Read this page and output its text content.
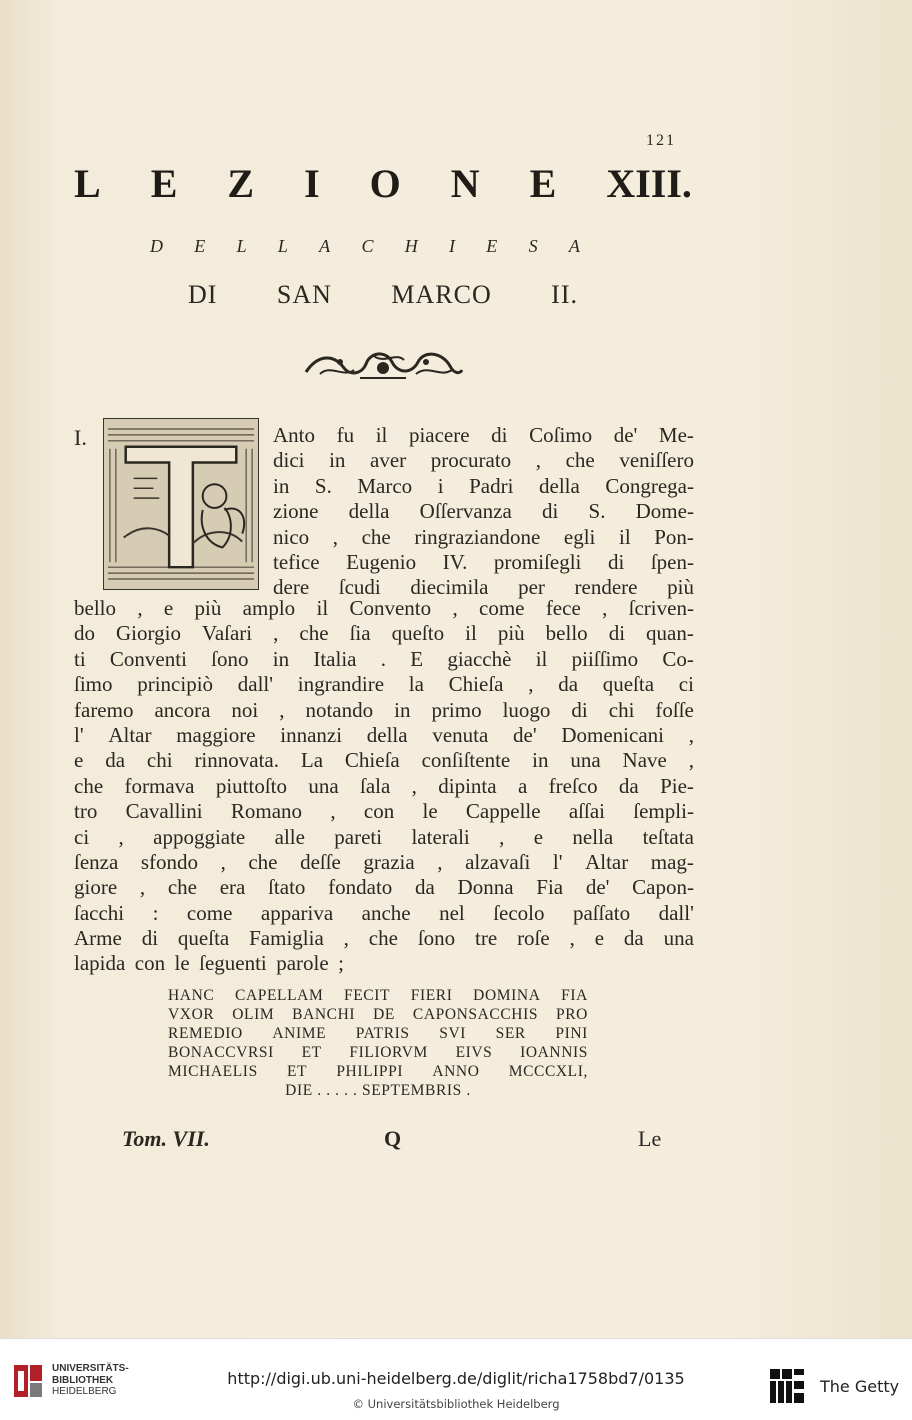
121
L E Z I O N E XIII.
D E L L A C H I E S A
DI SAN MARCO II.
I.	Anto fu il piacere di Coſimo de' Me-
dici in aver procurato , che veniſſero
in S. Marco i Padri della Congrega-
zione della Oſſervanza di S. Dome-
nico , che ringraziandone egli il Pon-
tefice Eugenio IV. promiſegli di ſpen-
dere ſcudi diecimila per rendere più
bello , e più amplo il Convento , come fece , ſcriven-
do Giorgio Vaſari , che ſia queſto il più bello di quan-
ti Conventi ſono in Italia . E giacchè il piiſſimo Co-
ſimo principiò dall' ingrandire la Chieſa , da queſta ci
faremo ancora noi , notando in primo luogo di chi foſſe
l' Altar maggiore innanzi della venuta de' Domenicani ,
e da chi rinnovata. La Chieſa conſiſtente in una Nave ,
che formava piuttoſto una ſala , dipinta a freſco da Pie-
tro Cavallini Romano , con le Cappelle aſſai ſempli-
ci , appoggiate alle pareti laterali , e nella teſtata
ſenza sfondo , che deſſe grazia , alzavaſi l' Altar mag-
giore , che era ſtato fondato da Donna Fia de' Capon-
ſacchi : come appariva anche nel ſecolo paſſato dall'
Arme di queſta Famiglia , che ſono tre roſe , e da una
lapida con le ſeguenti parole ;
HANC CAPELLAM FECIT FIERI DOMINA FIA
VXOR OLIM BANCHI DE CAPONSACCHIS PRO
REMEDIO ANIME PATRIS SVI SER PINI
BONACCVRSI ET FILIORVM EIVS IOANNIS
MICHAELIS ET PHILIPPI ANNO MCCCXLI,
DIE . . . . . SEPTEMBRIS .
Tom. VII.	Q	Le
UNIVERSITÄTS-
BIBLIOTHEK
HEIDELBERG
http://digi.ub.uni-heidelberg.de/diglit/richa1758bd7/0135
© Universitätsbibliothek Heidelberg
The Getty
